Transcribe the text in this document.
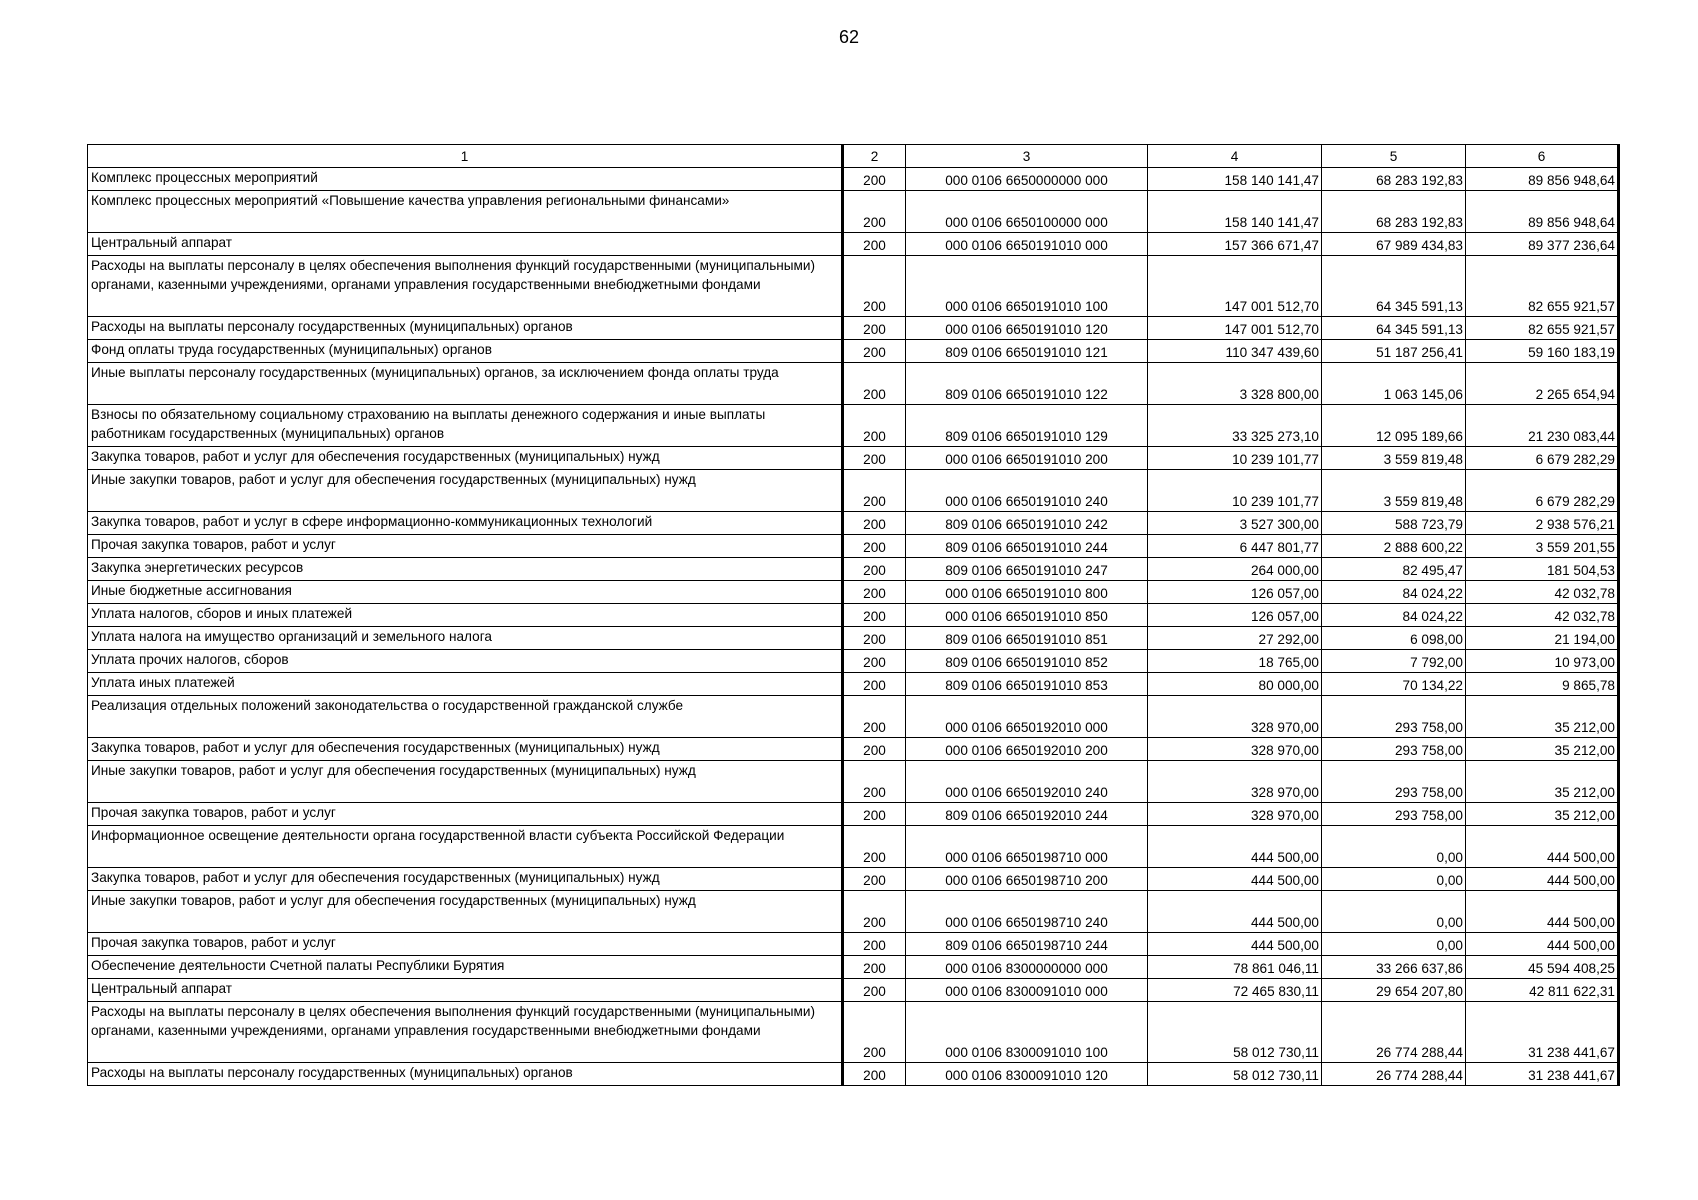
62
1	2	3	4	5	6
Комплекс процессных мероприятий	200	000 0106 6650000000 000	158 140 141,47	68 283 192,83	89 856 948,64
Комплекс процессных мероприятий «Повышение качества управления региональными финансами»	200	000 0106 6650100000 000	158 140 141,47	68 283 192,83	89 856 948,64
Центральный аппарат	200	000 0106 6650191010 000	157 366 671,47	67 989 434,83	89 377 236,64
Расходы на выплаты персоналу в целях обеспечения выполнения функций государственными (муниципальными) органами, казенными учреждениями, органами управления государственными внебюджетными фондами	200	000 0106 6650191010 100	147 001 512,70	64 345 591,13	82 655 921,57
Расходы на выплаты персоналу государственных (муниципальных) органов	200	000 0106 6650191010 120	147 001 512,70	64 345 591,13	82 655 921,57
Фонд оплаты труда государственных (муниципальных) органов	200	809 0106 6650191010 121	110 347 439,60	51 187 256,41	59 160 183,19
Иные выплаты персоналу государственных (муниципальных) органов, за исключением фонда оплаты труда	200	809 0106 6650191010 122	3 328 800,00	1 063 145,06	2 265 654,94
Взносы по обязательному социальному страхованию на выплаты денежного содержания и иные выплаты работникам государственных (муниципальных) органов	200	809 0106 6650191010 129	33 325 273,10	12 095 189,66	21 230 083,44
Закупка товаров, работ и услуг для обеспечения государственных (муниципальных) нужд	200	000 0106 6650191010 200	10 239 101,77	3 559 819,48	6 679 282,29
Иные закупки товаров, работ и услуг для обеспечения государственных (муниципальных) нужд	200	000 0106 6650191010 240	10 239 101,77	3 559 819,48	6 679 282,29
Закупка товаров, работ и услуг в сфере информационно-коммуникационных технологий	200	809 0106 6650191010 242	3 527 300,00	588 723,79	2 938 576,21
Прочая закупка товаров, работ и услуг	200	809 0106 6650191010 244	6 447 801,77	2 888 600,22	3 559 201,55
Закупка энергетических ресурсов	200	809 0106 6650191010 247	264 000,00	82 495,47	181 504,53
Иные бюджетные ассигнования	200	000 0106 6650191010 800	126 057,00	84 024,22	42 032,78
Уплата налогов, сборов и иных платежей	200	000 0106 6650191010 850	126 057,00	84 024,22	42 032,78
Уплата налога на имущество организаций и земельного налога	200	809 0106 6650191010 851	27 292,00	6 098,00	21 194,00
Уплата прочих налогов, сборов	200	809 0106 6650191010 852	18 765,00	7 792,00	10 973,00
Уплата иных платежей	200	809 0106 6650191010 853	80 000,00	70 134,22	9 865,78
Реализация отдельных положений законодательства о государственной гражданской службе	200	000 0106 6650192010 000	328 970,00	293 758,00	35 212,00
Закупка товаров, работ и услуг для обеспечения государственных (муниципальных) нужд	200	000 0106 6650192010 200	328 970,00	293 758,00	35 212,00
Иные закупки товаров, работ и услуг для обеспечения государственных (муниципальных) нужд	200	000 0106 6650192010 240	328 970,00	293 758,00	35 212,00
Прочая закупка товаров, работ и услуг	200	809 0106 6650192010 244	328 970,00	293 758,00	35 212,00
Информационное освещение деятельности органа государственной власти субъекта Российской Федерации	200	000 0106 6650198710 000	444 500,00	0,00	444 500,00
Закупка товаров, работ и услуг для обеспечения государственных (муниципальных) нужд	200	000 0106 6650198710 200	444 500,00	0,00	444 500,00
Иные закупки товаров, работ и услуг для обеспечения государственных (муниципальных) нужд	200	000 0106 6650198710 240	444 500,00	0,00	444 500,00
Прочая закупка товаров, работ и услуг	200	809 0106 6650198710 244	444 500,00	0,00	444 500,00
Обеспечение деятельности Счетной палаты Республики Бурятия	200	000 0106 8300000000 000	78 861 046,11	33 266 637,86	45 594 408,25
Центральный аппарат	200	000 0106 8300091010 000	72 465 830,11	29 654 207,80	42 811 622,31
Расходы на выплаты персоналу в целях обеспечения выполнения функций государственными (муниципальными) органами, казенными учреждениями, органами управления государственными внебюджетными фондами	200	000 0106 8300091010 100	58 012 730,11	26 774 288,44	31 238 441,67
Расходы на выплаты персоналу государственных (муниципальных) органов	200	000 0106 8300091010 120	58 012 730,11	26 774 288,44	31 238 441,67
